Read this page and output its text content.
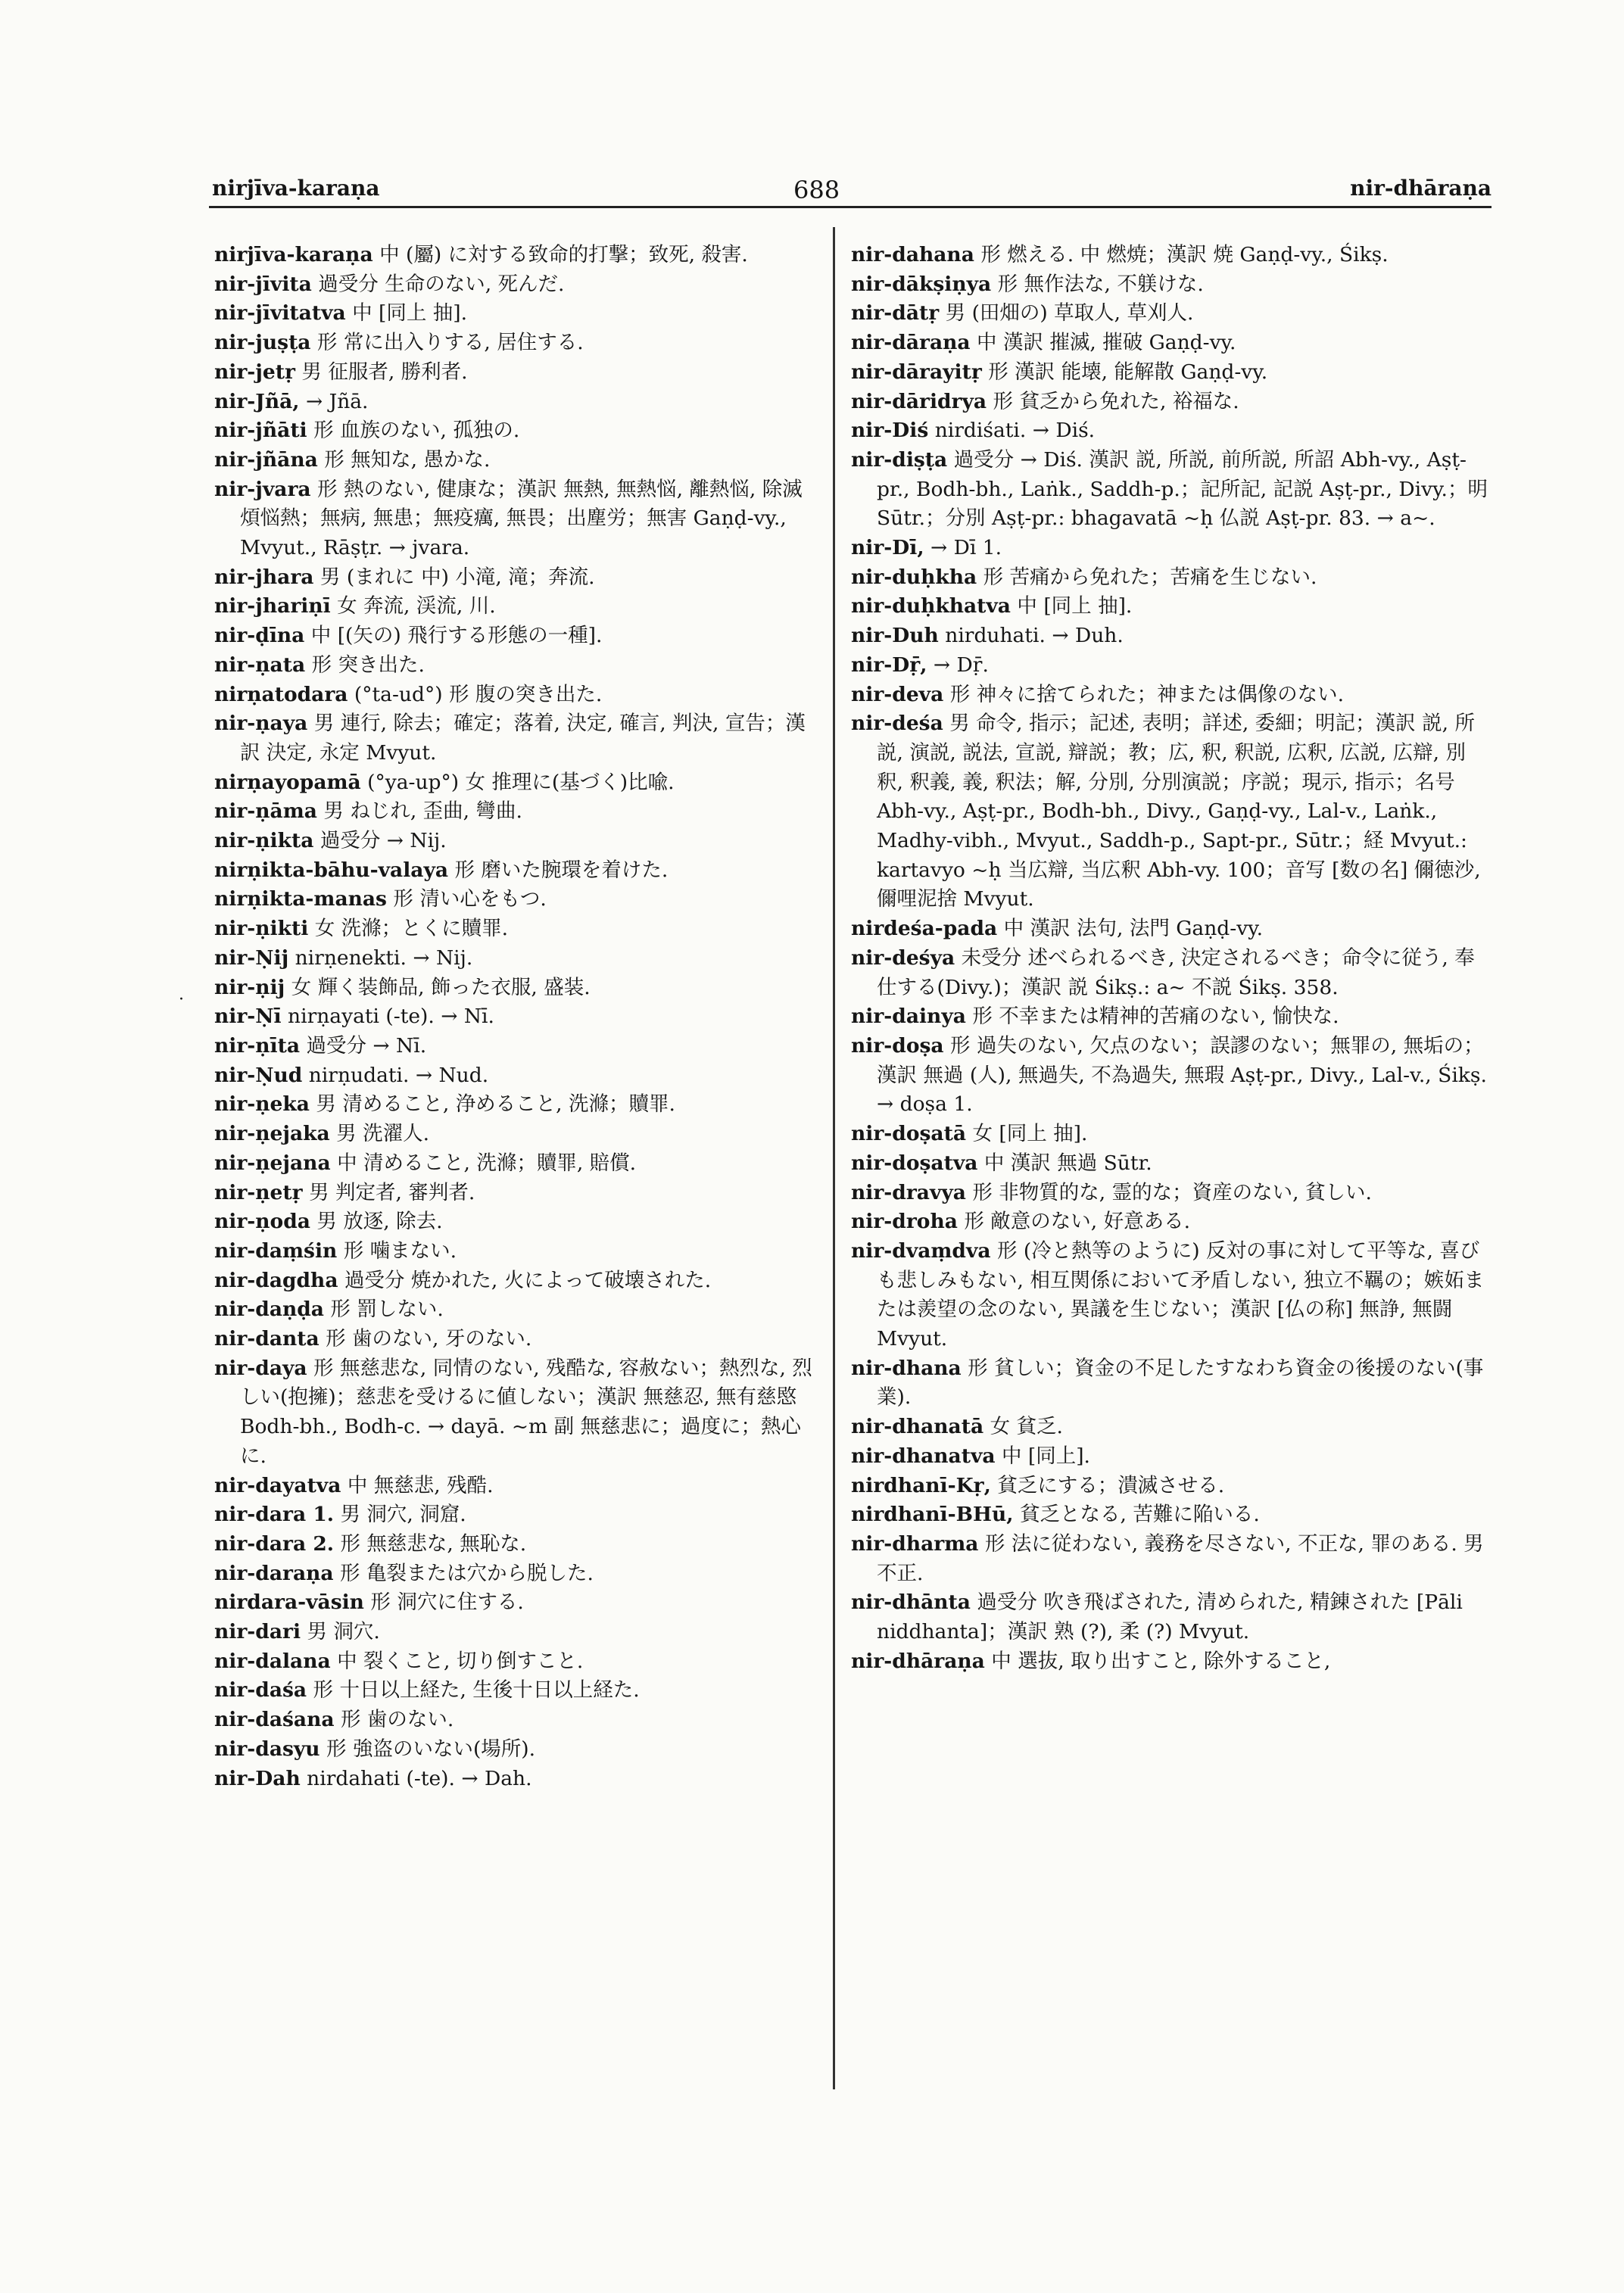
nirjīva-karaṇa	688	nir-dhāraṇa
·
nirjīva-karaṇa 中 (屬) に対する致命的打撃；致死, 殺害.
nir-jīvita 過受分 生命のない, 死んだ.
nir-jīvitatva 中 [同上 抽].
nir-juṣṭa 形 常に出入りする, 居住する.
nir-jetṛ 男 征服者, 勝利者.
nir-Jñā, → Jñā.
nir-jñāti 形 血族のない, 孤独の.
nir-jñāna 形 無知な, 愚かな.
nir-jvara 形 熱のない, 健康な；漢訳 無熱, 無熱悩, 離熱悩, 除滅煩悩熱；無病, 無患；無疫癘, 無畏；出塵労；無害 Gaṇḍ-vy., Mvyut., Rāṣṭr. → jvara.
nir-jhara 男 (まれに 中) 小滝, 滝；奔流.
nir-jhariṇī 女 奔流, 渓流, 川.
nir-ḍīna 中 [(矢の) 飛行する形態の一種].
nir-ṇata 形 突き出た.
nirṇatodara (°ta-ud°) 形 腹の突き出た.
nir-ṇaya 男 連行, 除去；確定；落着, 決定, 確言, 判決, 宣告；漢訳 決定, 永定 Mvyut.
nirṇayopamā (°ya-up°) 女 推理に(基づく)比喩.
nir-ṇāma 男 ねじれ, 歪曲, 彎曲.
nir-ṇikta 過受分 → Nij.
nirṇikta-bāhu-valaya 形 磨いた腕環を着けた.
nirṇikta-manas 形 清い心をもつ.
nir-ṇikti 女 洗滌；とくに贖罪.
nir-Ṇij nirṇenekti. → Nij.
nir-ṇij 女 輝く装飾品, 飾った衣服, 盛装.
nir-Ṇī nirṇayati (-te). → Nī.
nir-ṇīta 過受分 → Nī.
nir-Ṇud nirṇudati. → Nud.
nir-ṇeka 男 清めること, 浄めること, 洗滌；贖罪.
nir-ṇejaka 男 洗濯人.
nir-ṇejana 中 清めること, 洗滌；贖罪, 賠償.
nir-ṇetṛ 男 判定者, 審判者.
nir-ṇoda 男 放逐, 除去.
nir-daṃśin 形 噛まない.
nir-dagdha 過受分 焼かれた, 火によって破壊された.
nir-daṇḍa 形 罰しない.
nir-danta 形 歯のない, 牙のない.
nir-daya 形 無慈悲な, 同情のない, 残酷な, 容赦ない；熱烈な, 烈しい(抱擁)；慈悲を受けるに値しない；漢訳 無慈忍, 無有慈愍 Bodh-bh., Bodh-c. → dayā. ~m 副 無慈悲に；過度に；熱心に.
nir-dayatva 中 無慈悲, 残酷.
nir-dara 1. 男 洞穴, 洞窟.
nir-dara 2. 形 無慈悲な, 無恥な.
nir-daraṇa 形 亀裂または穴から脱した.
nirdara-vāsin 形 洞穴に住する.
nir-dari 男 洞穴.
nir-dalana 中 裂くこと, 切り倒すこと.
nir-daśa 形 十日以上経た, 生後十日以上経た.
nir-daśana 形 歯のない.
nir-dasyu 形 強盗のいない(場所).
nir-Dah nirdahati (-te). → Dah.
nir-dahana 形 燃える. 中 燃焼；漢訳 焼 Gaṇḍ-vy., Śikṣ.
nir-dākṣiṇya 形 無作法な, 不躾けな.
nir-dātṛ 男 (田畑の) 草取人, 草刈人.
nir-dāraṇa 中 漢訳 摧滅, 摧破 Gaṇḍ-vy.
nir-dārayitṛ 形 漢訳 能壊, 能解散 Gaṇḍ-vy.
nir-dāridrya 形 貧乏から免れた, 裕福な.
nir-Diś nirdiśati. → Diś.
nir-diṣṭa 過受分 → Diś. 漢訳 説, 所説, 前所説, 所詔 Abh-vy., Aṣṭ-pr., Bodh-bh., Laṅk., Saddh-p.；記所記, 記説 Aṣṭ-pr., Divy.；明 Sūtr.；分別 Aṣṭ-pr.: bhagavatā ~ḥ 仏説 Aṣṭ-pr. 83. → a~.
nir-Dī, → Dī 1.
nir-duḥkha 形 苦痛から免れた；苦痛を生じない.
nir-duḥkhatva 中 [同上 抽].
nir-Duh nirduhati. → Duh.
nir-Dṝ, → Dṝ.
nir-deva 形 神々に捨てられた；神または偶像のない.
nir-deśa 男 命令, 指示；記述, 表明；詳述, 委細；明記；漢訳 説, 所説, 演説, 説法, 宣説, 辯説；教；広, 釈, 釈説, 広釈, 広説, 広辯, 別釈, 釈義, 義, 釈法；解, 分別, 分別演説；序説；現示, 指示；名号 Abh-vy., Aṣṭ-pr., Bodh-bh., Divy., Gaṇḍ-vy., Lal-v., Laṅk., Madhy-vibh., Mvyut., Saddh-p., Sapt-pr., Sūtr.；経 Mvyut.: kartavyo ~ḥ 当広辯, 当広釈 Abh-vy. 100；音写 [数の名] 儞徳沙, 儞哩泥捨 Mvyut.
nirdeśa-pada 中 漢訳 法句, 法門 Gaṇḍ-vy.
nir-deśya 未受分 述べられるべき, 決定されるべき；命令に従う, 奉仕する(Divy.)；漢訳 説 Śikṣ.: a~ 不説 Śikṣ. 358.
nir-dainya 形 不幸または精神的苦痛のない, 愉快な.
nir-doṣa 形 過失のない, 欠点のない；誤謬のない；無罪の, 無垢の；漢訳 無過 (人), 無過失, 不為過失, 無瑕 Aṣṭ-pr., Divy., Lal-v., Śikṣ. → doṣa 1.
nir-doṣatā 女 [同上 抽].
nir-doṣatva 中 漢訳 無過 Sūtr.
nir-dravya 形 非物質的な, 霊的な；資産のない, 貧しい.
nir-droha 形 敵意のない, 好意ある.
nir-dvaṃdva 形 (冷と熱等のように) 反対の事に対して平等な, 喜びも悲しみもない, 相互関係において矛盾しない, 独立不羈の；嫉妬または羨望の念のない, 異議を生じない；漢訳 [仏の称] 無諍, 無闘 Mvyut.
nir-dhana 形 貧しい；資金の不足したすなわち資金の後援のない(事業).
nir-dhanatā 女 貧乏.
nir-dhanatva 中 [同上].
nirdhanī-Kṛ, 貧乏にする；潰滅させる.
nirdhanī-BHū, 貧乏となる, 苦難に陥いる.
nir-dharma 形 法に従わない, 義務を尽さない, 不正な, 罪のある. 男 不正.
nir-dhānta 過受分 吹き飛ばされた, 清められた, 精錬された [Pāli niddhanta]；漢訳 熟 (?), 柔 (?) Mvyut.
nir-dhāraṇa 中 選抜, 取り出すこと, 除外すること,
